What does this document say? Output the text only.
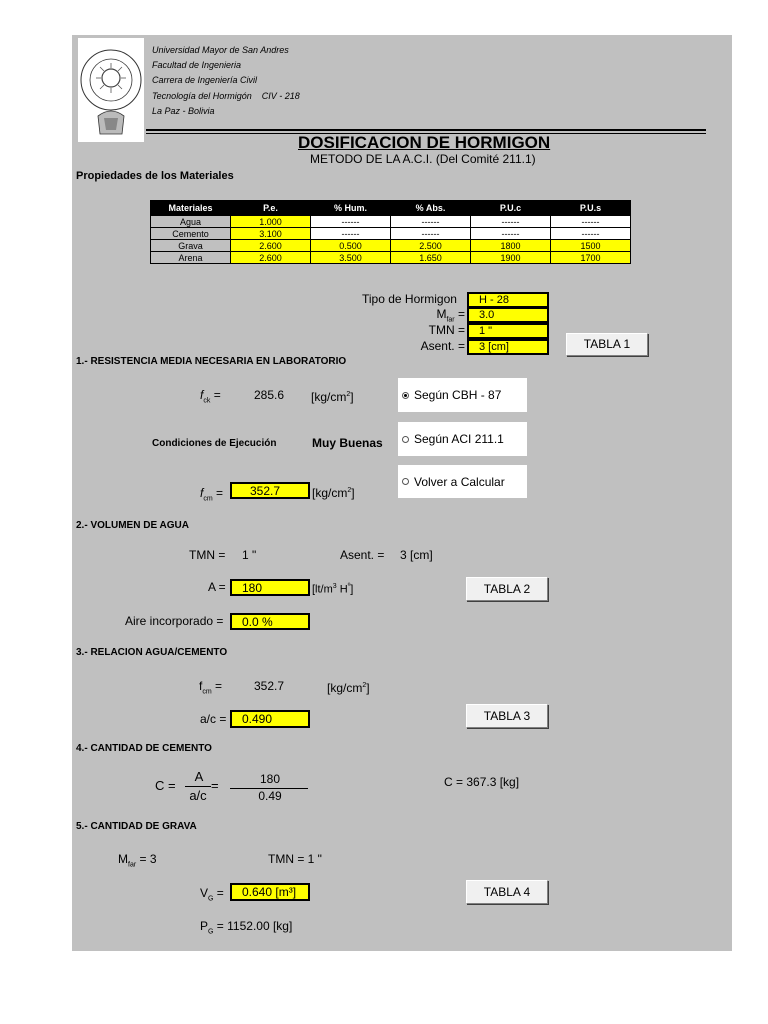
Universidad Mayor de San Andres
Facultad de Ingenieria
Carrera de Ingeniería Civil
Tecnología del Hormigón    CIV - 218
La Paz - Bolivia
DOSIFICACION DE HORMIGON
METODO DE LA A.C.I. (Del Comité 211.1)
Propiedades de los Materiales
Materiales	P.e.	% Hum.	% Abs.	P.U.c	P.U.s
Agua	1.000	------	------	------	------
Cemento	3.100	------	------	------	------
Grava	2.600	0.500	2.500	1800	1500
Arena	2.600	3.500	1.650	1900	1700
Tipo de Hormigon	H - 28
$M_{far}$ =	3.0
TMN =	1 "
Asent. =	3 [cm]	TABLA 1
1.- RESISTENCIA MEDIA NECESARIA EN LABORATORIO
$f_{ck}$ =	285.6 $[kg/cm^2]$	Según CBH - 87
Según ACI 211.1
Volver a Calcular
Condiciones de Ejecución	Muy Buenas
$f_{cm}$ =	352.7	$[kg/cm^2]$
2.- VOLUMEN DE AGUA
TMN = 1 "	Asent. = 3 [cm]
A =	180	[$lt/m^3$ $H^º$]	TABLA 2
Aire incorporado =	0.0 %
3.- RELACION AGUA/CEMENTO
$f_{cm}$ =	352.7	$[kg/cm^2]$
a/c =	0.490	TABLA 3
4.- CANTIDAD DE CEMENTO
C =
A
a/c
=	180
0.49
C = 367.3 [kg]
5.- CANTIDAD DE GRAVA
$M_{far} = 3$	TMN = 1 "
$V_G$ =	0.640 [m³]	TABLA 4
$P_G = 1152.00$ [kg]
